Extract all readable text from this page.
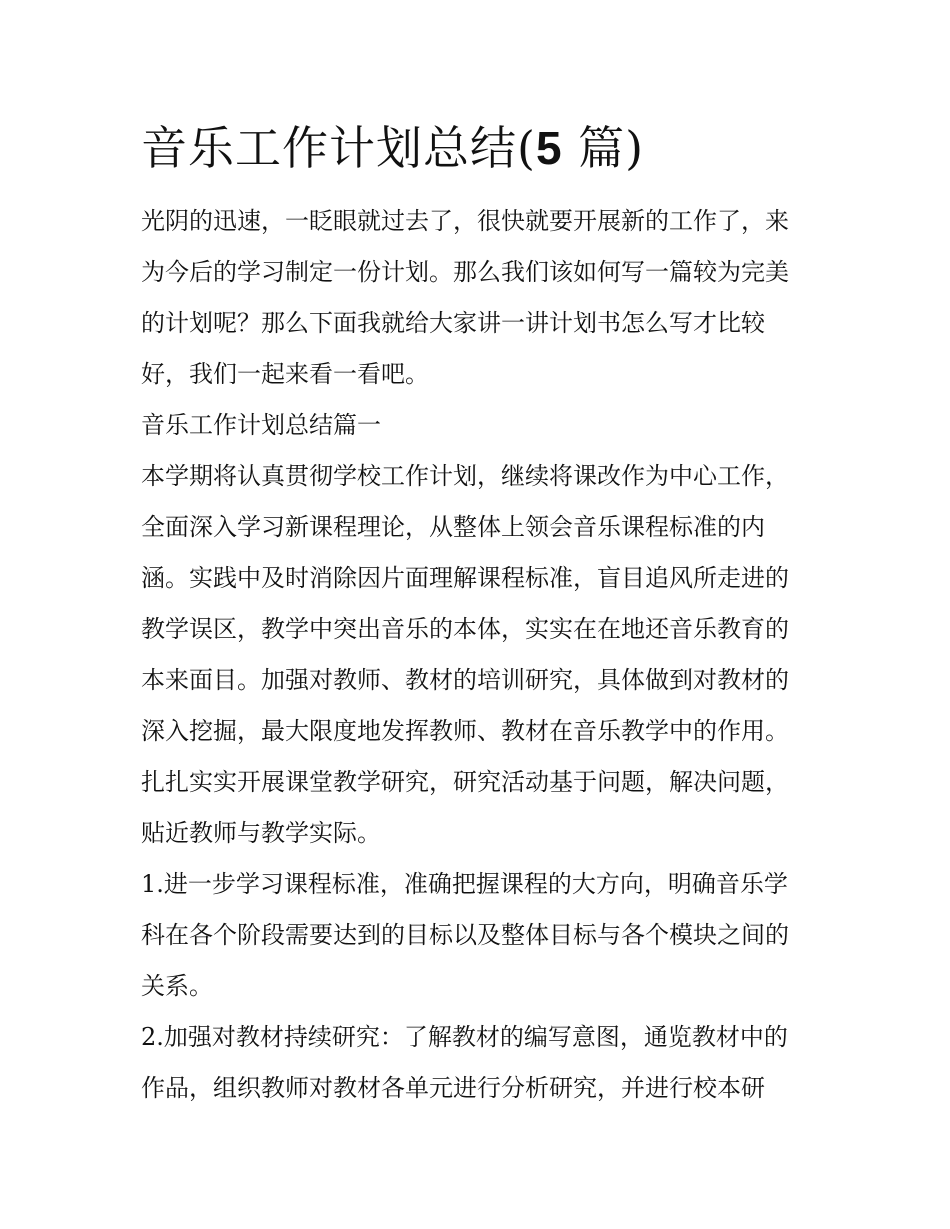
音乐工作计划总结(5 篇)
光阴的迅速，一眨眼就过去了，很快就要开展新的工作了，来
为今后的学习制定一份计划。那么我们该如何写一篇较为完美
的计划呢？那么下面我就给大家讲一讲计划书怎么写才比较
好，我们一起来看一看吧。
音乐工作计划总结篇一
本学期将认真贯彻学校工作计划，继续将课改作为中心工作，
全面深入学习新课程理论，从整体上领会音乐课程标准的内
涵。实践中及时消除因片面理解课程标准，盲目追风所走进的
教学误区，教学中突出音乐的本体，实实在在地还音乐教育的
本来面目。加强对教师、教材的培训研究，具体做到对教材的
深入挖掘，最大限度地发挥教师、教材在音乐教学中的作用。
扎扎实实开展课堂教学研究，研究活动基于问题，解决问题，
贴近教师与教学实际。
1.进一步学习课程标准，准确把握课程的大方向，明确音乐学
科在各个阶段需要达到的目标以及整体目标与各个模块之间的
关系。
2.加强对教材持续研究：了解教材的编写意图，通览教材中的
作品，组织教师对教材各单元进行分析研究，并进行校本研
